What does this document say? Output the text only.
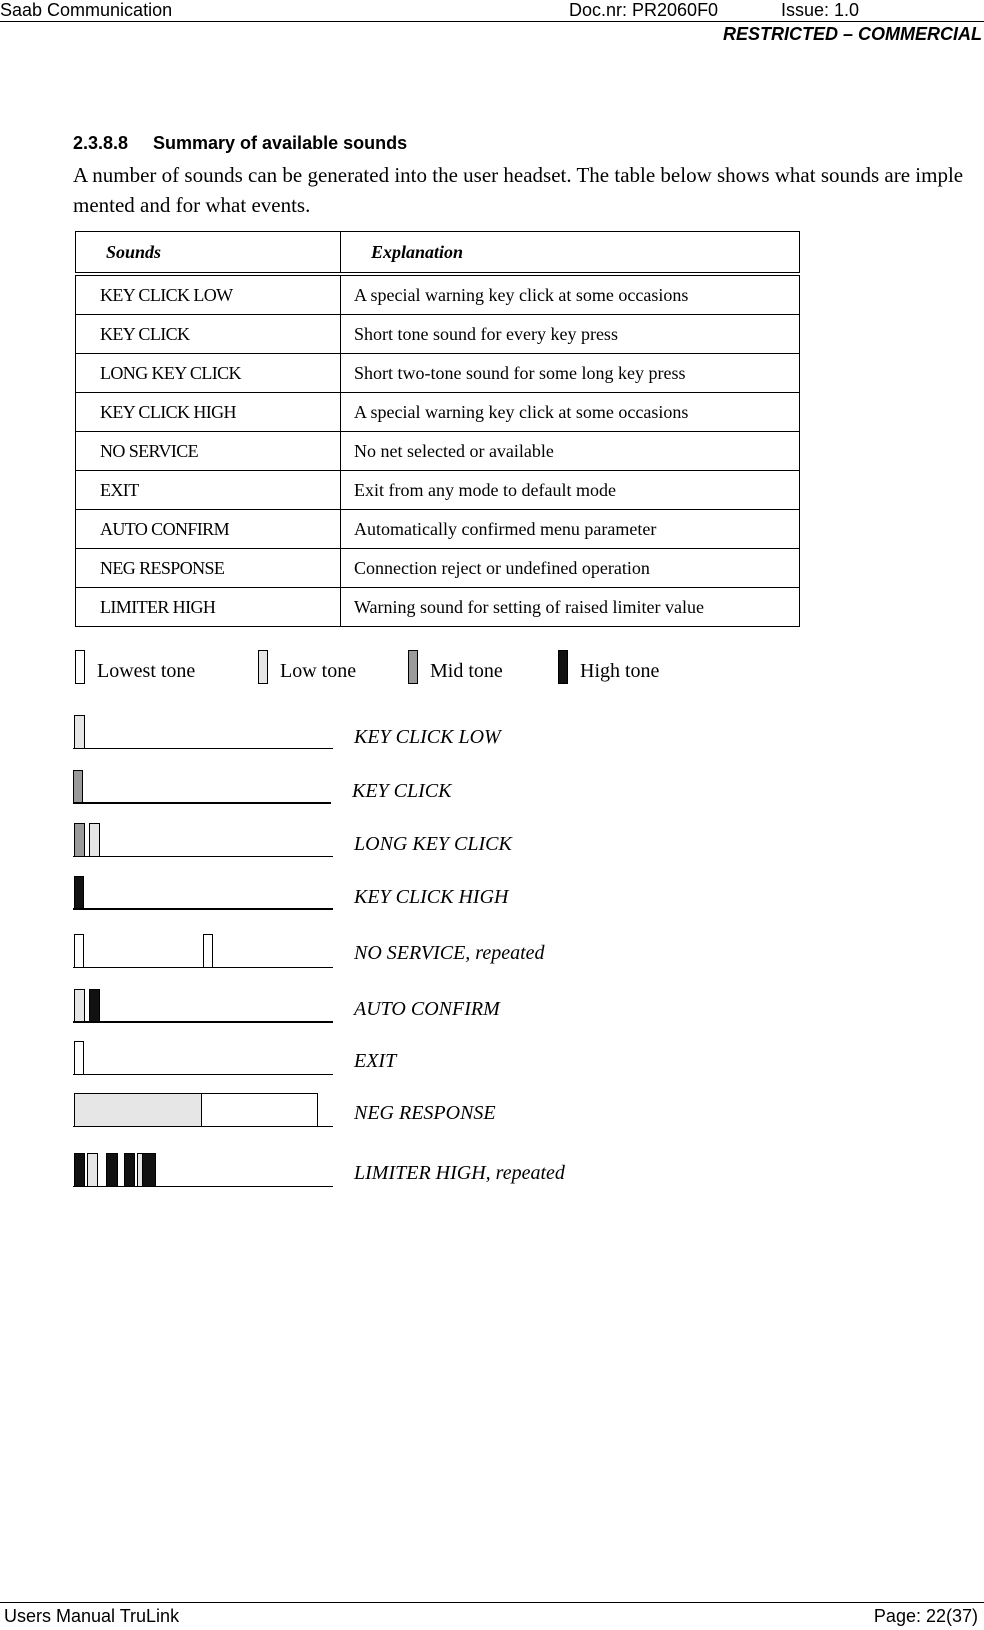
Saab Communication	Doc.nr: PR2060F0	Issue: 1.0
RESTRICTED – COMMERCIAL
2.3.8.8 Summary of available sounds
A number of sounds can be generated into the user headset. The table below shows what sounds are imple mented and for what events.
Sounds	Explanation
KEY CLICK LOW	A special warning key click at some occasions
KEY CLICK	Short tone sound for every key press
LONG KEY CLICK	Short two-tone sound for some long key press
KEY CLICK HIGH	A special warning key click at some occasions
NO SERVICE	No net selected or available
EXIT	Exit from any mode to default mode
AUTO CONFIRM	Automatically confirmed menu parameter
NEG RESPONSE	Connection reject or undefined operation
LIMITER HIGH	Warning sound for setting of raised limiter value
Lowest tone	Low tone	Mid tone	High tone
KEY CLICK LOW
KEY CLICK
LONG KEY CLICK
KEY CLICK HIGH
NO SERVICE, repeated
AUTO CONFIRM
EXIT
NEG RESPONSE
LIMITER HIGH, repeated
Users Manual TruLink	Page: 22(37)
